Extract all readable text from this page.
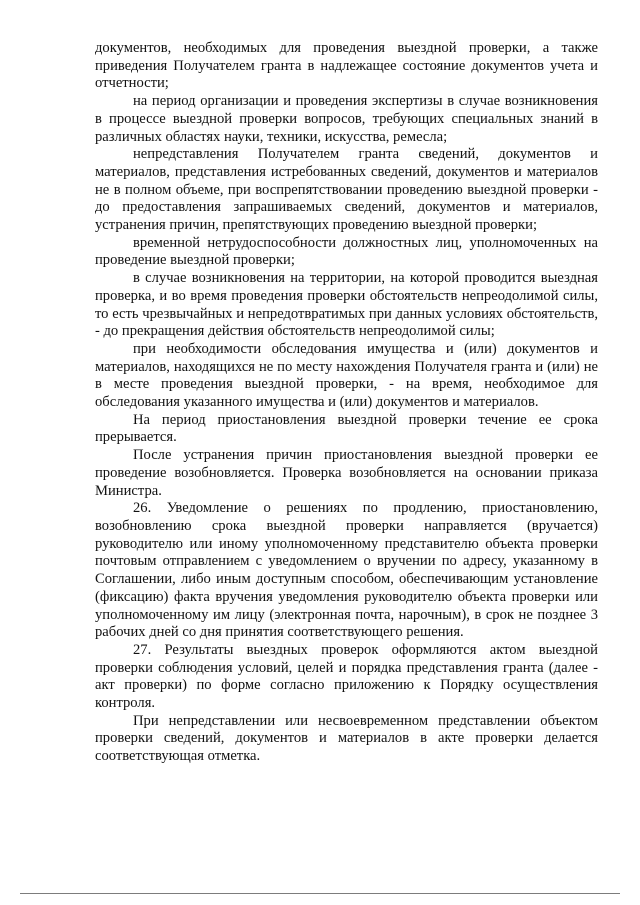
документов, необходимых для проведения выездной проверки, а также приведения Получателем гранта в надлежащее состояние документов учета и отчетности;

на период организации и проведения экспертизы в случае возникновения в процессе выездной проверки вопросов, требующих специальных знаний в различных областях науки, техники, искусства, ремесла;

непредставления Получателем гранта сведений, документов и материалов, представления истребованных сведений, документов и материалов не в полном объеме, при воспрепятствовании проведению выездной проверки - до предоставления запрашиваемых сведений, документов и материалов, устранения причин, препятствующих проведению выездной проверки;

временной нетрудоспособности должностных лиц, уполномоченных на проведение выездной проверки;

в случае возникновения на территории, на которой проводится выездная проверка, и во время проведения проверки обстоятельств непреодолимой силы, то есть чрезвычайных и непредотвратимых при данных условиях обстоятельств, - до прекращения действия обстоятельств непреодолимой силы;

при необходимости обследования имущества и (или) документов и материалов, находящихся не по месту нахождения Получателя гранта и (или) не в месте проведения выездной проверки, - на время, необходимое для обследования указанного имущества и (или) документов и материалов.

На период приостановления выездной проверки течение ее срока прерывается.

После устранения причин приостановления выездной проверки ее проведение возобновляется. Проверка возобновляется на основании приказа Министра.

26. Уведомление о решениях по продлению, приостановлению, возобновлению срока выездной проверки направляется (вручается) руководителю или иному уполномоченному представителю объекта проверки почтовым отправлением с уведомлением о вручении по адресу, указанному в Соглашении, либо иным доступным способом, обеспечивающим установление (фиксацию) факта вручения уведомления руководителю объекта проверки или уполномоченному им лицу (электронная почта, нарочным), в срок не позднее 3 рабочих дней со дня принятия соответствующего решения.

27. Результаты выездных проверок оформляются актом выездной проверки соблюдения условий, целей и порядка представления гранта (далее - акт проверки) по форме согласно приложению к Порядку осуществления контроля.

При непредставлении или несвоевременном представлении объектом проверки сведений, документов и материалов в акте проверки делается соответствующая отметка.
